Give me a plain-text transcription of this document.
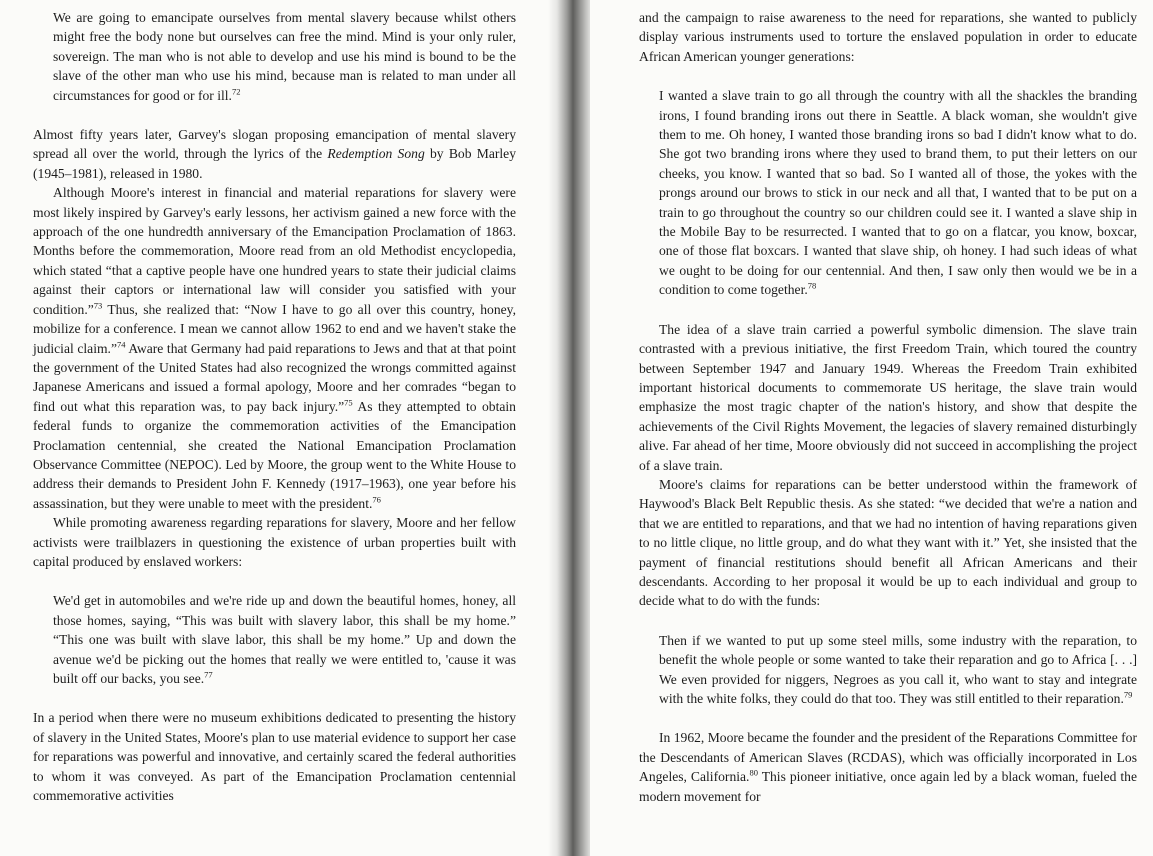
We are going to emancipate ourselves from mental slavery because whilst others might free the body none but ourselves can free the mind. Mind is your only ruler, sovereign. The man who is not able to develop and use his mind is bound to be the slave of the other man who use his mind, because man is related to man under all circumstances for good or for ill.$^{72}$

Almost fifty years later, Garvey's slogan proposing emancipation of mental slavery spread all over the world, through the lyrics of the Redemption Song by Bob Marley (1945–1981), released in 1980.

Although Moore's interest in financial and material reparations for slavery were most likely inspired by Garvey's early lessons, her activism gained a new force with the approach of the one hundredth anniversary of the Emancipation Proclamation of 1863. Months before the commemoration, Moore read from an old Methodist encyclopedia, which stated “that a captive people have one hundred years to state their judicial claims against their captors or international law will consider you satisfied with your condition.”$^{73}$ Thus, she realized that: “Now I have to go all over this country, honey, mobilize for a conference. I mean we cannot allow 1962 to end and we haven't stake the judicial claim.”$^{74}$ Aware that Germany had paid reparations to Jews and that at that point the government of the United States had also recognized the wrongs committed against Japanese Americans and issued a formal apology, Moore and her comrades “began to find out what this reparation was, to pay back injury.”$^{75}$ As they attempted to obtain federal funds to organize the commemoration activities of the Emancipation Proclamation centennial, she created the National Emancipation Proclamation Observance Committee (NEPOC). Led by Moore, the group went to the White House to address their demands to President John F. Kennedy (1917–1963), one year before his assassination, but they were unable to meet with the president.$^{76}$

While promoting awareness regarding reparations for slavery, Moore and her fellow activists were trailblazers in questioning the existence of urban properties built with capital produced by enslaved workers:

We'd get in automobiles and we're ride up and down the beautiful homes, honey, all those homes, saying, “This was built with slavery labor, this shall be my home.” “This one was built with slave labor, this shall be my home.” Up and down the avenue we'd be picking out the homes that really we were entitled to, 'cause it was built off our backs, you see.$^{77}$

In a period when there were no museum exhibitions dedicated to presenting the history of slavery in the United States, Moore's plan to use material evidence to support her case for reparations was powerful and innovative, and certainly scared the federal authorities to whom it was conveyed. As part of the Emancipation Proclamation centennial commemorative activities

and the campaign to raise awareness to the need for reparations, she wanted to publicly display various instruments used to torture the enslaved population in order to educate African American younger generations:

I wanted a slave train to go all through the country with all the shackles the branding irons, I found branding irons out there in Seattle. A black woman, she wouldn't give them to me. Oh honey, I wanted those branding irons so bad I didn't know what to do. She got two branding irons where they used to brand them, to put their letters on our cheeks, you know. I wanted that so bad. So I wanted all of those, the yokes with the prongs around our brows to stick in our neck and all that, I wanted that to be put on a train to go throughout the country so our children could see it. I wanted a slave ship in the Mobile Bay to be resurrected. I wanted that to go on a flatcar, you know, boxcar, one of those flat boxcars. I wanted that slave ship, oh honey. I had such ideas of what we ought to be doing for our centennial. And then, I saw only then would we be in a condition to come together.$^{78}$

The idea of a slave train carried a powerful symbolic dimension. The slave train contrasted with a previous initiative, the first Freedom Train, which toured the country between September 1947 and January 1949. Whereas the Freedom Train exhibited important historical documents to commemorate US heritage, the slave train would emphasize the most tragic chapter of the nation's history, and show that despite the achievements of the Civil Rights Movement, the legacies of slavery remained disturbingly alive. Far ahead of her time, Moore obviously did not succeed in accomplishing the project of a slave train.

Moore's claims for reparations can be better understood within the framework of Haywood's Black Belt Republic thesis. As she stated: “we decided that we're a nation and that we are entitled to reparations, and that we had no intention of having reparations given to no little clique, no little group, and do what they want with it.” Yet, she insisted that the payment of financial restitutions should benefit all African Americans and their descendants. According to her proposal it would be up to each individual and group to decide what to do with the funds:

Then if we wanted to put up some steel mills, some industry with the reparation, to benefit the whole people or some wanted to take their reparation and go to Africa [. . .] We even provided for niggers, Negroes as you call it, who want to stay and integrate with the white folks, they could do that too. They was still entitled to their reparation.$^{79}$

In 1962, Moore became the founder and the president of the Reparations Committee for the Descendants of American Slaves (RCDAS), which was officially incorporated in Los Angeles, California.$^{80}$ This pioneer initiative, once again led by a black woman, fueled the modern movement for
